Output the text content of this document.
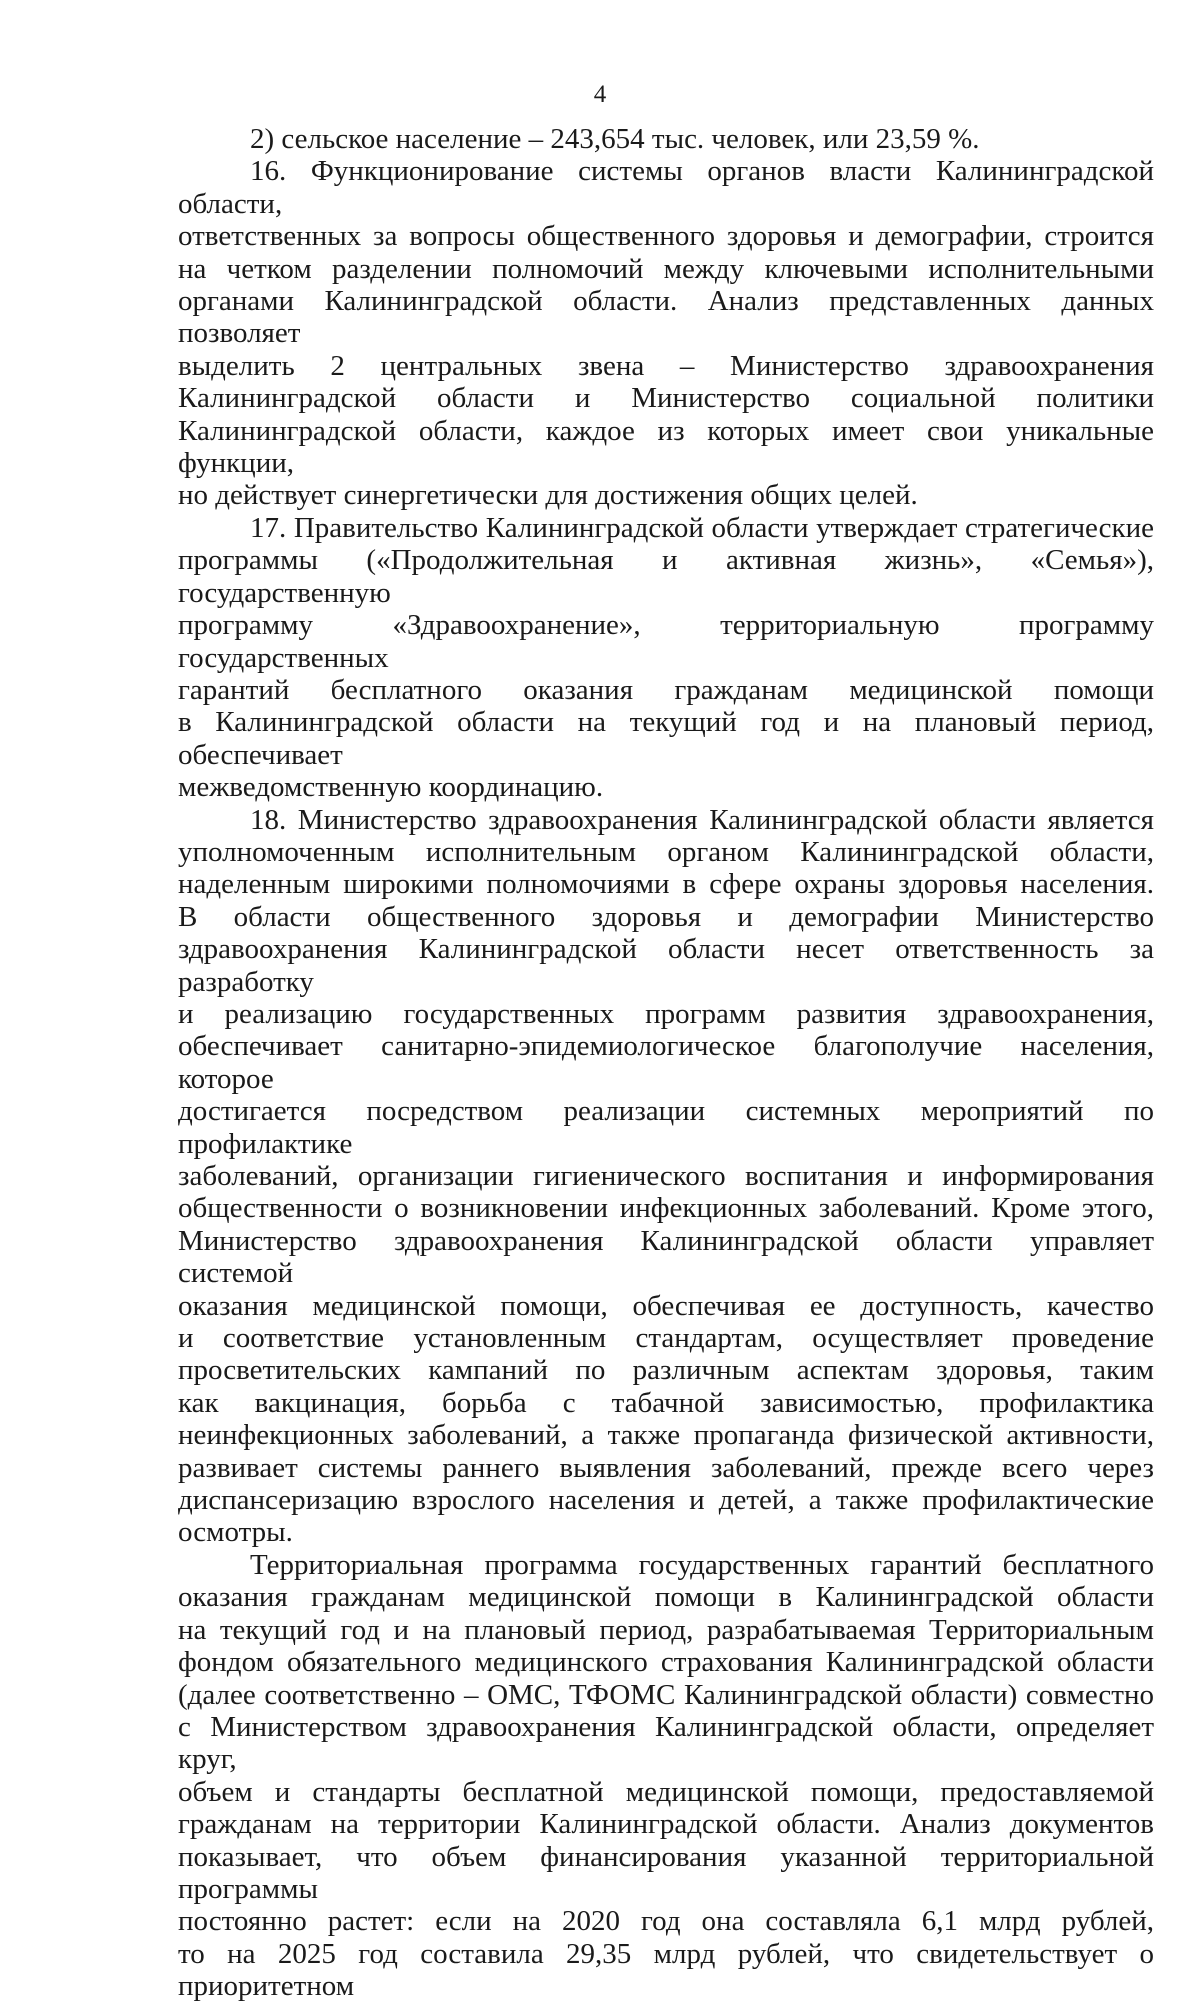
4
2) сельское население – 243,654 тыс. человек, или 23,59 %.
16. Функционирование системы органов власти Калининградской области,
ответственных за вопросы общественного здоровья и демографии, строится
на четком разделении полномочий между ключевыми исполнительными
органами Калининградской области. Анализ представленных данных позволяет
выделить 2 центральных звена – Министерство здравоохранения
Калининградской области и Министерство социальной политики
Калининградской области, каждое из которых имеет свои уникальные функции,
но действует синергетически для достижения общих целей.
17. Правительство Калининградской области утверждает стратегические
программы («Продолжительная и активная жизнь», «Семья»), государственную
программу «Здравоохранение», территориальную программу государственных
гарантий бесплатного оказания гражданам медицинской помощи
в Калининградской области на текущий год и на плановый период, обеспечивает
межведомственную координацию.
18. Министерство здравоохранения Калининградской области является
уполномоченным исполнительным органом Калининградской области,
наделенным широкими полномочиями в сфере охраны здоровья населения.
В области общественного здоровья и демографии Министерство
здравоохранения Калининградской области несет ответственность за разработку
и реализацию государственных программ развития здравоохранения,
обеспечивает санитарно-эпидемиологическое благополучие населения, которое
достигается посредством реализации системных мероприятий по профилактике
заболеваний, организации гигиенического воспитания и информирования
общественности о возникновении инфекционных заболеваний. Кроме этого,
Министерство здравоохранения Калининградской области управляет системой
оказания медицинской помощи, обеспечивая ее доступность, качество
и соответствие установленным стандартам, осуществляет проведение
просветительских кампаний по различным аспектам здоровья, таким
как вакцинация, борьба с табачной зависимостью, профилактика
неинфекционных заболеваний, а также пропаганда физической активности,
развивает системы раннего выявления заболеваний, прежде всего через
диспансеризацию взрослого населения и детей, а также профилактические
осмотры.
Территориальная программа государственных гарантий бесплатного
оказания гражданам медицинской помощи в Калининградской области
на текущий год и на плановый период, разрабатываемая Территориальным
фондом обязательного медицинского страхования Калининградской области
(далее соответственно – ОМС, ТФОМС Калининградской области) совместно
с Министерством здравоохранения Калининградской области, определяет круг,
объем и стандарты бесплатной медицинской помощи, предоставляемой
гражданам на территории Калининградской области. Анализ документов
показывает, что объем финансирования указанной территориальной программы
постоянно растет: если на 2020 год она составляла 6,1 млрд рублей,
то на 2025 год составила 29,35 млрд рублей, что свидетельствует о приоритетном
